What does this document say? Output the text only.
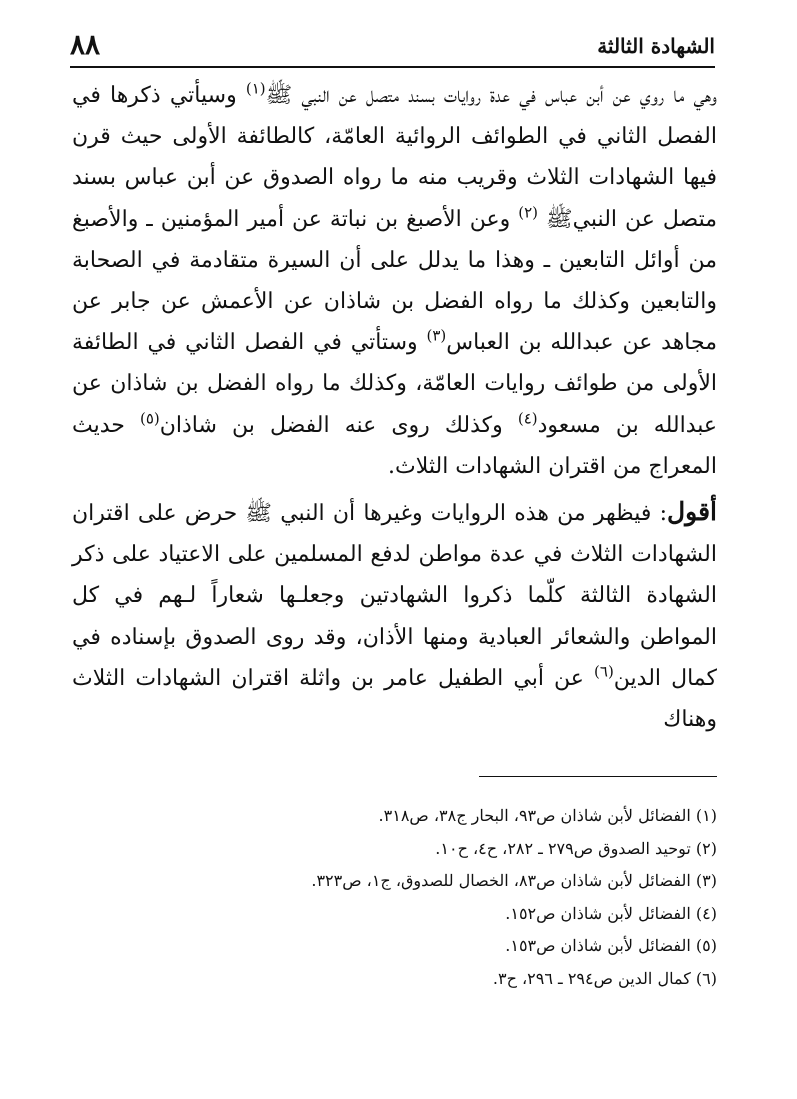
الشهادة الثالثة
٨٨

وهي ما روي عن أبن عباس في عدة روايات بسند متصل عن النبي ﷺ$^{(١)}$ وسيأتي ذكرها في الفصل الثاني في الطوائف الروائية العامّة، كالطائفة الأولى حيث قرن فيها الشهادات الثلاث وقريب منه ما رواه الصدوق عن أبن عباس بسند متصل عن النبيﷺ $^{(٢)}$ وعن الأصبغ بن نباتة عن أمير المؤمنين ـ والأصبغ من أوائل التابعين ـ وهذا ما يدلل على أن السيرة متقادمة في الصحابة والتابعين وكذلك ما رواه الفضل بن شاذان عن الأعمش عن جابر عن مجاهد عن عبدالله بن العباس$^{(٣)}$ وستأتي في الفصل الثاني في الطائفة الأولى من طوائف روايات العامّة، وكذلك ما رواه الفضل بن شاذان عن عبدالله بن مسعود$^{(٤)}$ وكذلك روى عنه الفضل بن شاذان$^{(٥)}$ حديث المعراج من اقتران الشهادات الثلاث.

أقول: فيظهر من هذه الروايات وغيرها أن النبي ﷺ حرض على اقتران الشهادات الثلاث في عدة مواطن لدفع المسلمين على الاعتياد على ذكر الشهادة الثالثة كلّما ذكروا الشهادتين وجعلـها شعاراً لـهم في كل المواطن والشعائر العبادية ومنها الأذان، وقد روى الصدوق بإسناده في كمال الدين$^{(٦)}$ عن أبي الطفيل عامر بن واثلة اقتران الشهادات الثلاث وهناك

(١) الفضائل لأبن شاذان ص٩٣، البحار ج٣٨، ص٣١٨.
(٢) توحيد الصدوق ص٢٧٩ ـ ٢٨٢، ح٤، ح١٠.
(٣) الفضائل لأبن شاذان ص٨٣، الخصال للصدوق، ج١، ص٣٢٣.
(٤) الفضائل لأبن شاذان ص١٥٢.
(٥) الفضائل لأبن شاذان ص١٥٣.
(٦) كمال الدين ص٢٩٤ ـ ٢٩٦، ح٣.
